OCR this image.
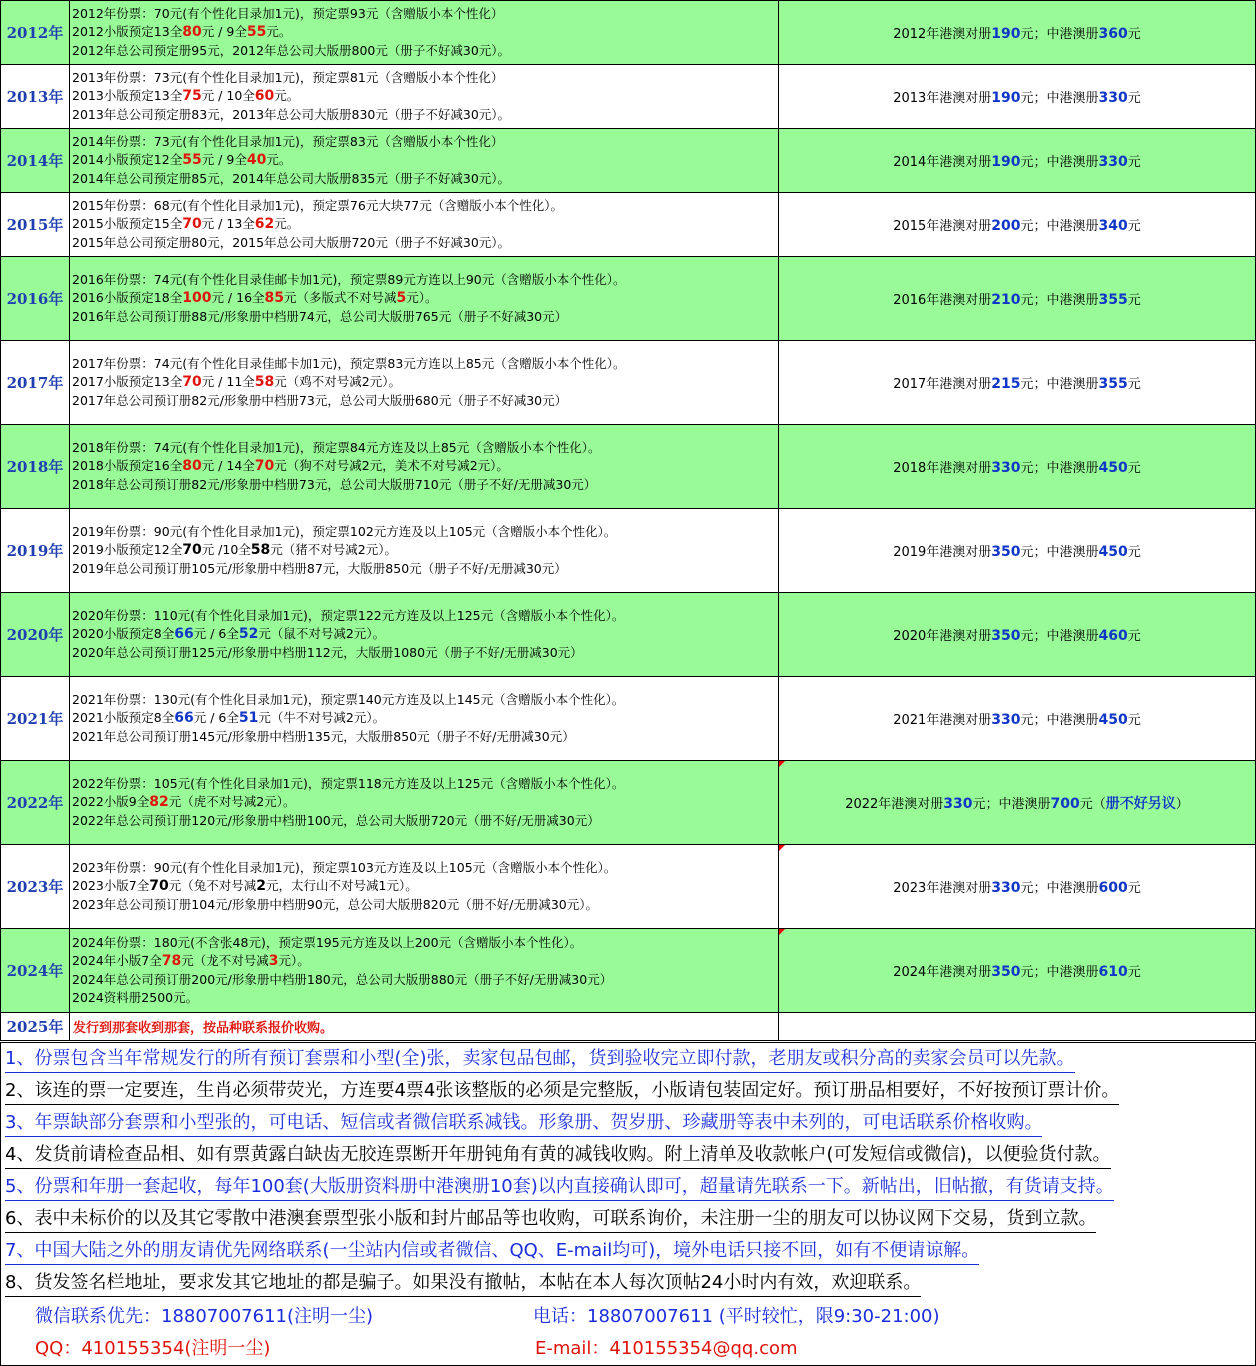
2012年	2012年份票：70元(有个性化目录加1元)，预定票93元（含赠版小本个性化）
2012小版预定13全80元 / 9全55元。
2012年总公司预定册95元，2012年总公司大版册800元（册子不好减30元）。	2012年港澳对册190元；中港澳册360元
2013年	2013年份票：73元(有个性化目录加1元)，预定票81元（含赠版小本个性化）
2013小版预定13全75元 / 10全60元。
2013年总公司预定册83元，2013年总公司大版册830元（册子不好减30元）。	2013年港澳对册190元；中港澳册330元
2014年	2014年份票：73元(有个性化目录加1元)，预定票83元（含赠版小本个性化）
2014小版预定12全55元 / 9全40元。
2014年总公司预定册85元，2014年总公司大版册835元（册子不好减30元）。	2014年港澳对册190元；中港澳册330元
2015年	2015年份票：68元(有个性化目录加1元)，预定票76元大块77元（含赠版小本个性化）。
2015小版预定15全70元 / 13全62元。
2015年总公司预定册80元，2015年总公司大版册720元（册子不好减30元）。	2015年港澳对册200元；中港澳册340元
2016年	2016年份票：74元(有个性化目录佳邮卡加1元)，预定票89元方连以上90元（含赠版小本个性化）。
2016小版预定18全100元 / 16全85元（多版式不对号减5元）。
2016年总公司预订册88元/形象册中档册74元，总公司大版册765元（册子不好减30元）	2016年港澳对册210元；中港澳册355元
2017年	2017年份票：74元(有个性化目录佳邮卡加1元)，预定票83元方连以上85元（含赠版小本个性化）。
2017小版预定13全70元 / 11全58元（鸡不对号减2元）。
2017年总公司预订册82元/形象册中档册73元，总公司大版册680元（册子不好减30元）	2017年港澳对册215元；中港澳册355元
2018年	2018年份票：74元(有个性化目录加1元)，预定票84元方连及以上85元（含赠版小本个性化）。
2018小版预定16全80元 / 14全70元（狗不对号减2元，美术不对号减2元）。
2018年总公司预订册82元/形象册中档册73元，总公司大版册710元（册子不好/无册减30元）	2018年港澳对册330元；中港澳册450元
2019年	2019年份票：90元(有个性化目录加1元)，预定票102元方连及以上105元（含赠版小本个性化）。
2019小版预定12全70元 /10全58元（猪不对号减2元）。
2019年总公司预订册105元/形象册中档册87元，大版册850元（册子不好/无册减30元）	2019年港澳对册350元；中港澳册450元
2020年	2020年份票：110元(有个性化目录加1元)，预定票122元方连及以上125元（含赠版小本个性化）。
2020小版预定8全66元 / 6全52元（鼠不对号减2元）。
2020年总公司预订册125元/形象册中档册112元，大版册1080元（册子不好/无册减30元）	2020年港澳对册350元；中港澳册460元
2021年	2021年份票：130元(有个性化目录加1元)，预定票140元方连及以上145元（含赠版小本个性化）。
2021小版预定8全66元 / 6全51元（牛不对号减2元）。
2021年总公司预订册145元/形象册中档册135元，大版册850元（册子不好/无册减30元）	2021年港澳对册330元；中港澳册450元
2022年	2022年份票：105元(有个性化目录加1元)，预定票118元方连及以上125元（含赠版小本个性化）。
2022小版9全82元（虎不对号减2元）。
2022年总公司预订册120元/形象册中档册100元，总公司大版册720元（册不好/无册减30元）	2022年港澳对册330元；中港澳册700元（册不好另议）
2023年	2023年份票：90元(有个性化目录加1元)，预定票103元方连及以上105元（含赠版小本个性化）。
2023小版7全70元（兔不对号减2元，太行山不对号减1元）。
2023年总公司预订册104元/形象册中档册90元，总公司大版册820元（册不好/无册减30元）。	2023年港澳对册330元；中港澳册600元
2024年	2024年份票：180元(不含张48元)，预定票195元方连及以上200元（含赠版小本个性化）。
2024年小版7全78元（龙不对号减3元）。
2024年总公司预订册200元/形象册中档册180元，总公司大版册880元（册子不好/无册减30元）
2024资料册2500元。	2024年港澳对册350元；中港澳册610元
2025年	发行到那套收到那套，按品种联系报价收购。	
1、份票包含当年常规发行的所有预订套票和小型(全)张，卖家包品包邮，货到验收完立即付款，老朋友或积分高的卖家会员可以先款。
2、该连的票一定要连，生肖必须带荧光，方连要4票4张该整版的必须是完整版，小版请包装固定好。预订册品相要好，不好按预订票计价。
3、年票缺部分套票和小型张的，可电话、短信或者微信联系减钱。形象册、贺岁册、珍藏册等表中未列的，可电话联系价格收购。
4、发货前请检查品相、如有票黄露白缺齿无胶连票断开年册钝角有黄的减钱收购。附上清单及收款帐户(可发短信或微信)，以便验货付款。
5、份票和年册一套起收，每年100套(大版册资料册中港澳册10套)以内直接确认即可，超量请先联系一下。新帖出，旧帖撤，有货请支持。
6、表中未标价的以及其它零散中港澳套票型张小版和封片邮品等也收购，可联系询价，未注册一尘的朋友可以协议网下交易，货到立款。
7、中国大陆之外的朋友请优先网络联系(一尘站内信或者微信、QQ、E-mail均可)，境外电话只接不回，如有不便请谅解。
8、货发签名栏地址，要求发其它地址的都是骗子。如果没有撤帖，本帖在本人每次顶帖24小时内有效，欢迎联系。
微信联系优先：18807007611(注明一尘)	电话：18807007611 (平时较忙，限9:30-21:00)
QQ：410155354(注明一尘)	E-mail：410155354@qq.com
